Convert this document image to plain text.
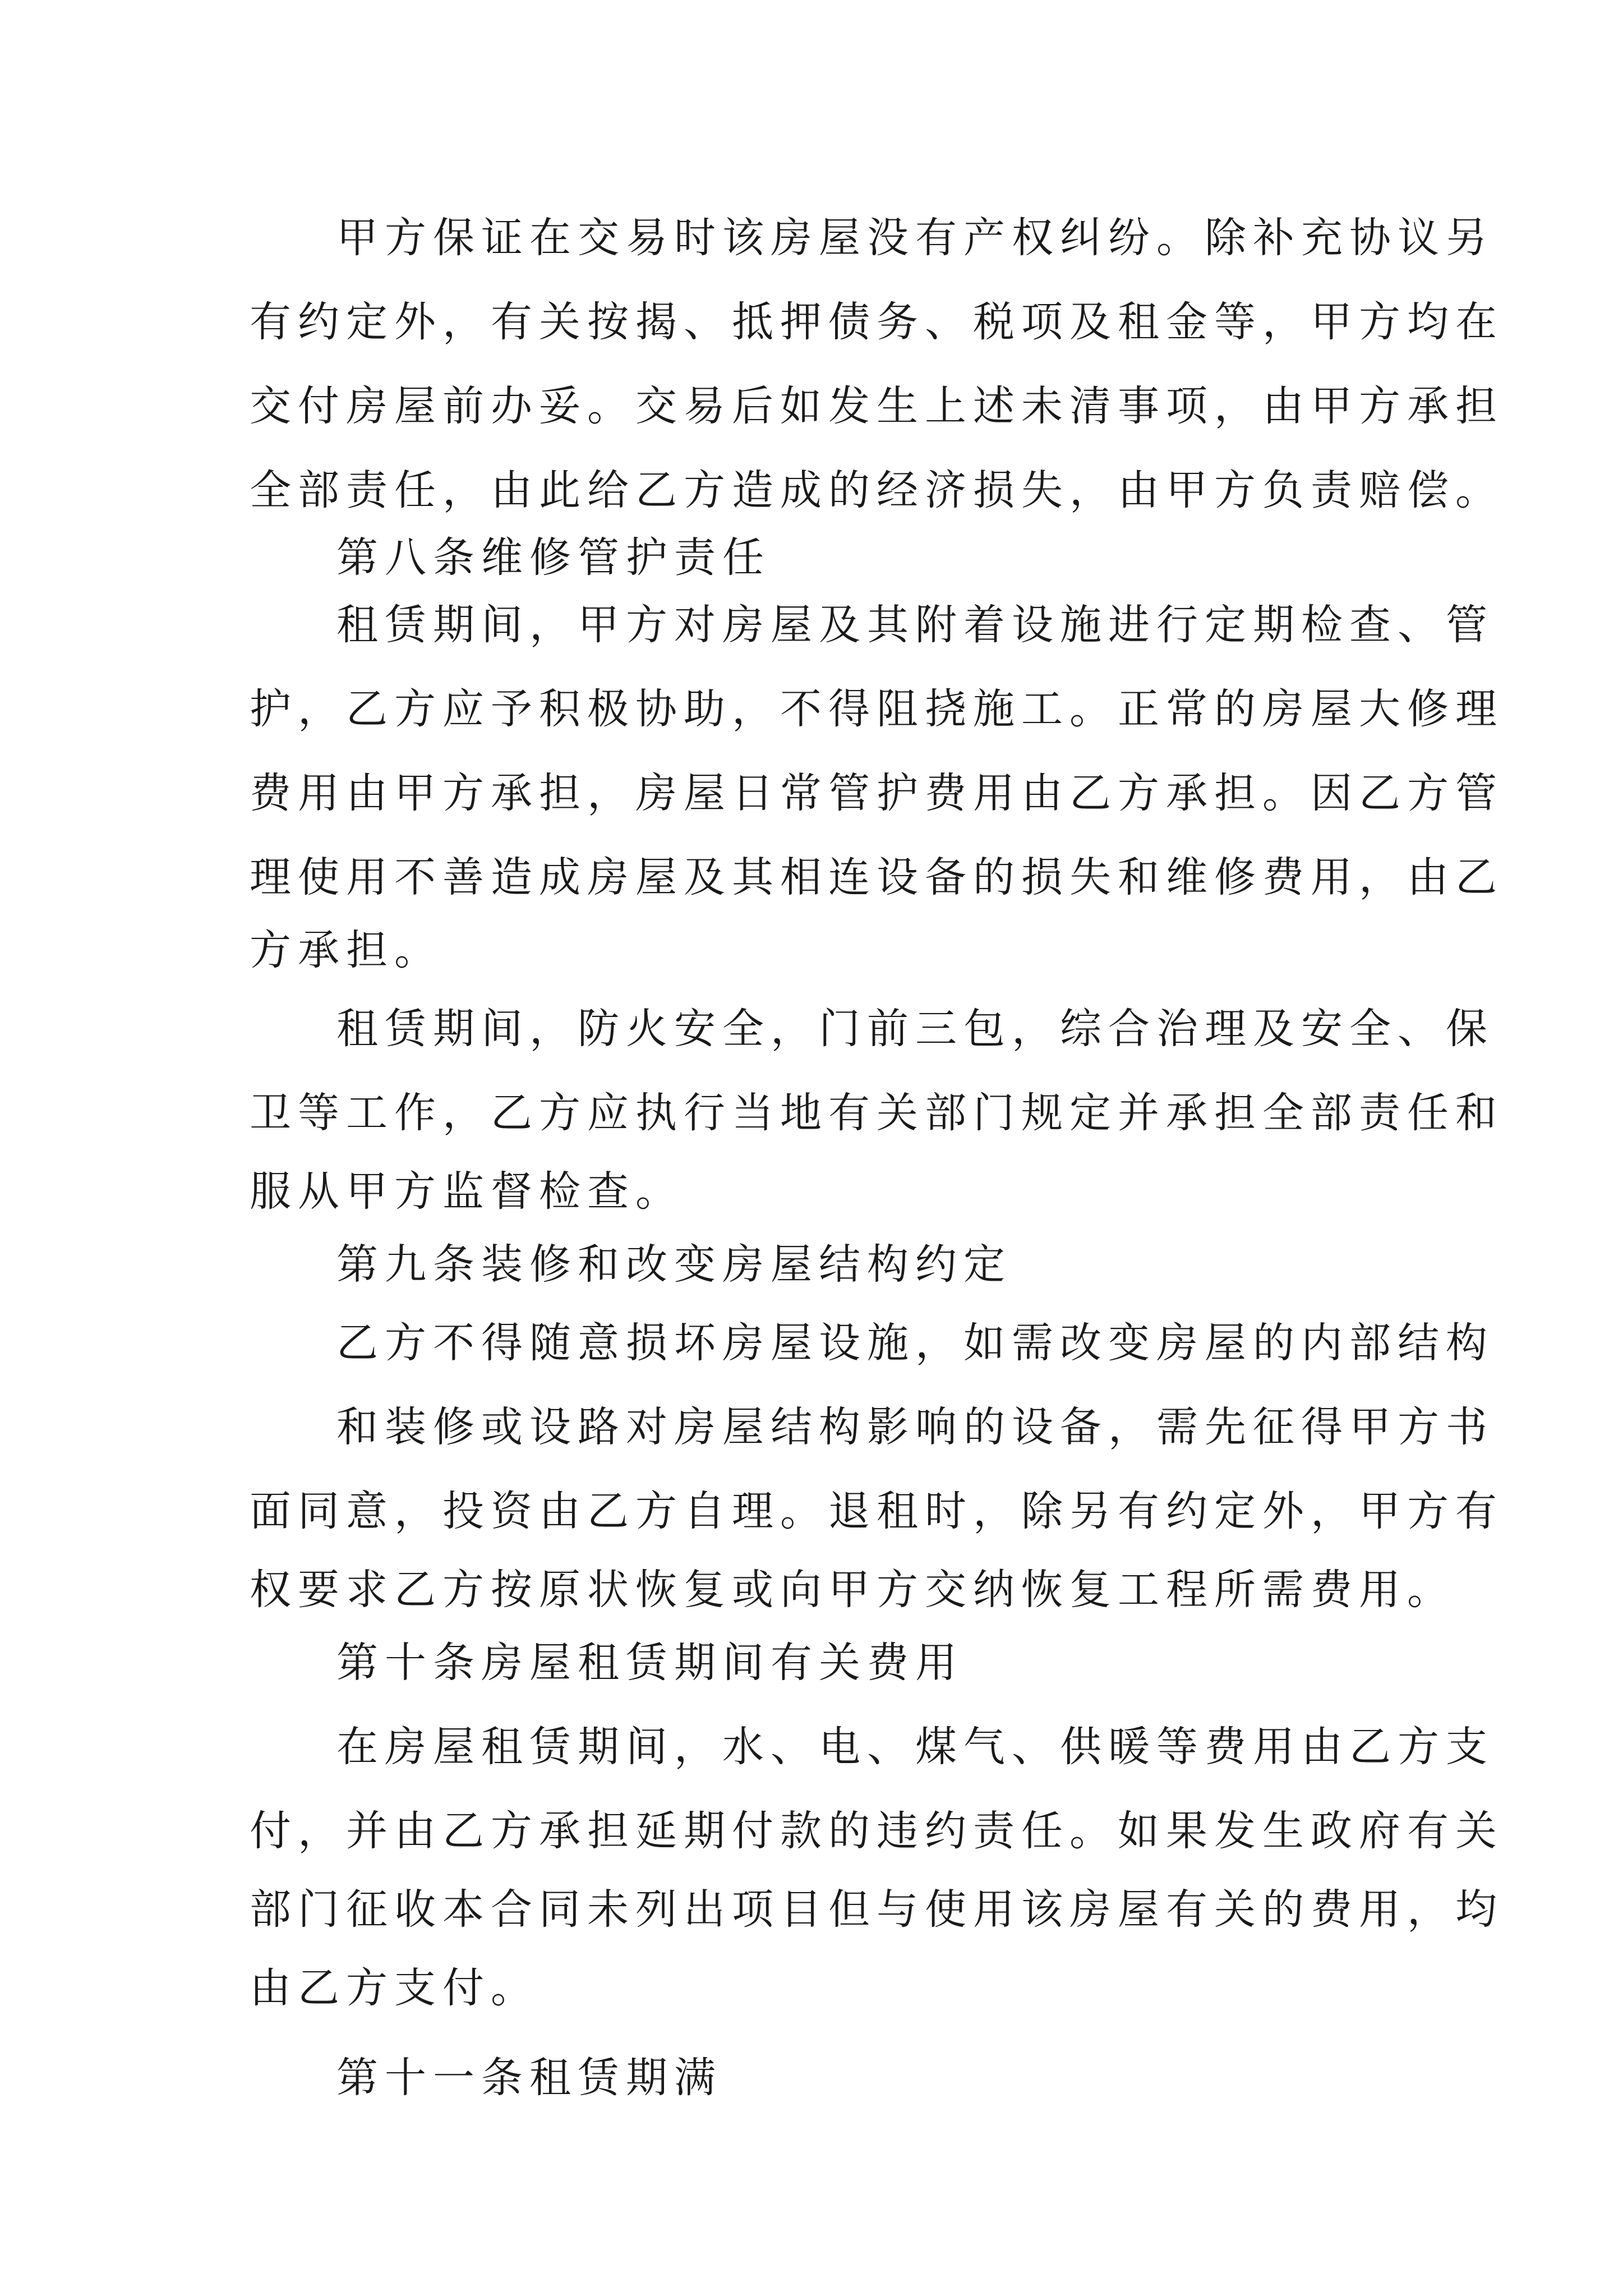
甲方保证在交易时该房屋没有产权纠纷。除补充协议另
有约定外，有关按揭、抵押债务、税项及租金等，甲方均在
交付房屋前办妥。交易后如发生上述未清事项，由甲方承担
全部责任，由此给乙方造成的经济损失，由甲方负责赔偿。
第八条维修管护责任
租赁期间，甲方对房屋及其附着设施进行定期检查、管
护，乙方应予积极协助，不得阻挠施工。正常的房屋大修理
费用由甲方承担，房屋日常管护费用由乙方承担。因乙方管
理使用不善造成房屋及其相连设备的损失和维修费用，由乙
方承担。
租赁期间，防火安全，门前三包，综合治理及安全、保
卫等工作，乙方应执行当地有关部门规定并承担全部责任和
服从甲方监督检查。
第九条装修和改变房屋结构约定
乙方不得随意损坏房屋设施，如需改变房屋的内部结构
和装修或设路对房屋结构影响的设备，需先征得甲方书
面同意，投资由乙方自理。退租时，除另有约定外，甲方有
权要求乙方按原状恢复或向甲方交纳恢复工程所需费用。
第十条房屋租赁期间有关费用
在房屋租赁期间，水、电、煤气、供暖等费用由乙方支
付，并由乙方承担延期付款的违约责任。如果发生政府有关
部门征收本合同未列出项目但与使用该房屋有关的费用，均
由乙方支付。
第十一条租赁期满
